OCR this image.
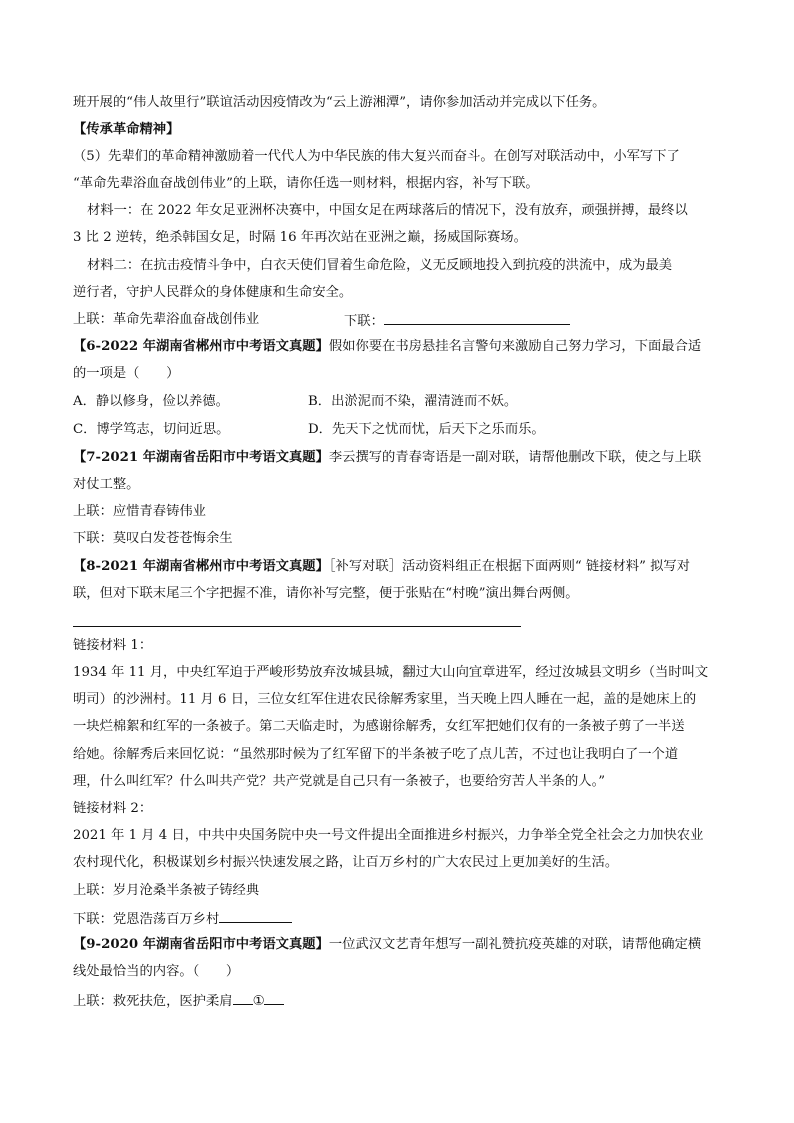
班开展的“伟人故里行”联谊活动因疫情改为“云上游湘潭”，请你参加活动并完成以下任务。
【传承革命精神】
（5）先辈们的革命精神激励着一代代人为中华民族的伟大复兴而奋斗。在创写对联活动中，小军写下了
“革命先辈浴血奋战创伟业”的上联，请你任选一则材料，根据内容，补写下联。
材料一：在 2022 年女足亚洲杯决赛中，中国女足在两球落后的情况下，没有放弃，顽强拼搏，最终以
3 比 2 逆转，绝杀韩国女足，时隔 16 年再次站在亚洲之巅，扬威国际赛场。
材料二：在抗击疫情斗争中，白衣天使们冒着生命危险，义无反顾地投入到抗疫的洪流中，成为最美
逆行者，守护人民群众的身体健康和生命安全。
上联：革命先辈浴血奋战创伟业	下联：
【6-2022 年湖南省郴州市中考语文真题】假如你要在书房悬挂名言警句来激励自己努力学习，下面最合适
的一项是（　　）
A．静以修身，俭以养德。	B．出淤泥而不染，濯清涟而不妖。
C．博学笃志，切问近思。	D．先天下之忧而忧，后天下之乐而乐。
【7-2021 年湖南省岳阳市中考语文真题】李云撰写的青春寄语是一副对联，请帮他删改下联，使之与上联
对仗工整。
上联：应惜青春铸伟业
下联：莫叹白发苍苍悔余生
【8-2021 年湖南省郴州市中考语文真题】［补写对联］活动资料组正在根据下面两则“ 链接材料” 拟写对
联，但对下联末尾三个字把握不准，请你补写完整，便于张贴在“村晚”演出舞台两侧。
链接材料 1：
1934 年 11 月，中央红军迫于严峻形势放弃汝城县城，翻过大山向宜章进军，经过汝城县文明乡（当时叫文
明司）的沙洲村。11 月 6 日，三位女红军住进农民徐解秀家里，当天晚上四人睡在一起，盖的是她床上的
一块烂棉絮和红军的一条被子。第二天临走时，为感谢徐解秀，女红军把她们仅有的一条被子剪了一半送
给她。徐解秀后来回忆说：“虽然那时候为了红军留下的半条被子吃了点儿苦，不过也让我明白了一个道
理，什么叫红军？什么叫共产党？共产党就是自己只有一条被子，也要给穷苦人半条的人。”
链接材料 2：
2021 年 1 月 4 日，中共中央国务院中央一号文件提出全面推进乡村振兴，力争举全党全社会之力加快农业
农村现代化，积极谋划乡村振兴快速发展之路，让百万乡村的广大农民过上更加美好的生活。
上联：岁月沧桑半条被子铸经典
下联：党恩浩荡百万乡村
【9-2020 年湖南省岳阳市中考语文真题】一位武汉文艺青年想写一副礼赞抗疫英雄的对联，请帮他确定横
线处最恰当的内容。（　　）
上联：救死扶危，医护柔肩 ①
